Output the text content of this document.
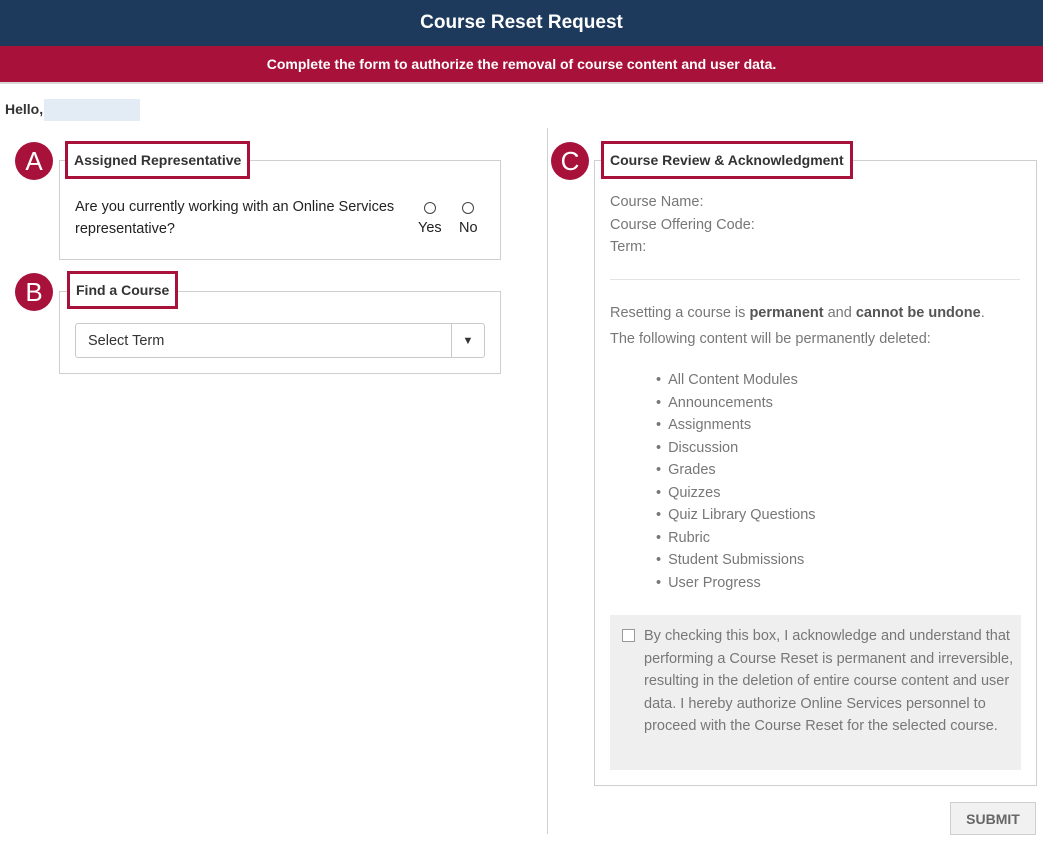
Course Reset Request
Complete the form to authorize the removal of course content and user data.
Hello,
A	Assigned Representative
Are you currently working with an Online Services representative?	Yes No
B	Find a Course
Select Term	▼
C	Course Review & Acknowledgment
Course Name:
Course Offering Code:
Term:
Resetting a course is permanent and cannot be undone.
The following content will be permanently deleted:
• All Content Modules
• Announcements
• Assignments
• Discussion
• Grades
• Quizzes
• Quiz Library Questions
• Rubric
• Student Submissions
• User Progress
By checking this box, I acknowledge and understand that performing a Course Reset is permanent and irreversible, resulting in the deletion of entire course content and user data. I hereby authorize Online Services personnel to proceed with the Course Reset for the selected course.
SUBMIT
